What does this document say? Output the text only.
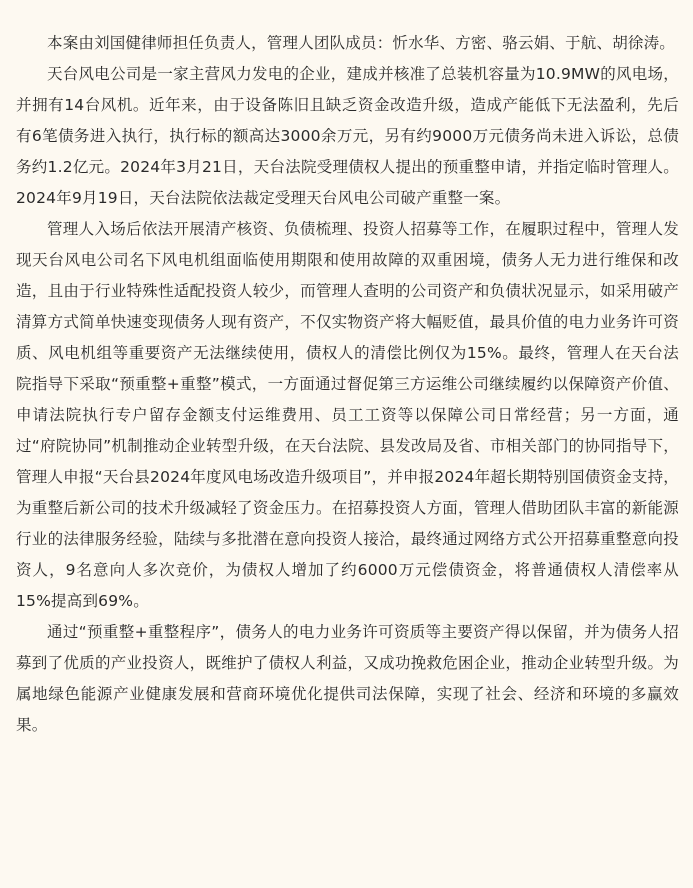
本案由刘国健律师担任负责人，管理人团队成员：忻水华、方密、骆云娟、于航、胡徐涛。

天台风电公司是一家主营风力发电的企业，建成并核准了总装机容量为10.9MW的风电场，并拥有14台风机。近年来，由于设备陈旧且缺乏资金改造升级，造成产能低下无法盈利，先后有6笔债务进入执行，执行标的额高达3000余万元，另有约9000万元债务尚未进入诉讼，总债务约1.2亿元。2024年3月21日，天台法院受理债权人提出的预重整申请，并指定临时管理人。2024年9月19日，天台法院依法裁定受理天台风电公司破产重整一案。

管理人入场后依法开展清产核资、负债梳理、投资人招募等工作，在履职过程中，管理人发现天台风电公司名下风电机组面临使用期限和使用故障的双重困境，债务人无力进行维保和改造，且由于行业特殊性适配投资人较少，而管理人查明的公司资产和负债状况显示，如采用破产清算方式简单快速变现债务人现有资产，不仅实物资产将大幅贬值，最具价值的电力业务许可资质、风电机组等重要资产无法继续使用，债权人的清偿比例仅为15%。最终，管理人在天台法院指导下采取“预重整+重整”模式，一方面通过督促第三方运维公司继续履约以保障资产价值、申请法院执行专户留存金额支付运维费用、员工工资等以保障公司日常经营；另一方面，通过“府院协同”机制推动企业转型升级，在天台法院、县发改局及省、市相关部门的协同指导下，管理人申报“天台县2024年度风电场改造升级项目”，并申报2024年超长期特别国债资金支持，为重整后新公司的技术升级减轻了资金压力。在招募投资人方面，管理人借助团队丰富的新能源行业的法律服务经验，陆续与多批潜在意向投资人接洽，最终通过网络方式公开招募重整意向投资人，9名意向人多次竞价，为债权人增加了约6000万元偿债资金，将普通债权人清偿率从15%提高到69%。

通过“预重整+重整程序”，债务人的电力业务许可资质等主要资产得以保留，并为债务人招募到了优质的产业投资人，既维护了债权人利益，又成功挽救危困企业，推动企业转型升级。为属地绿色能源产业健康发展和营商环境优化提供司法保障，实现了社会、经济和环境的多赢效果。
